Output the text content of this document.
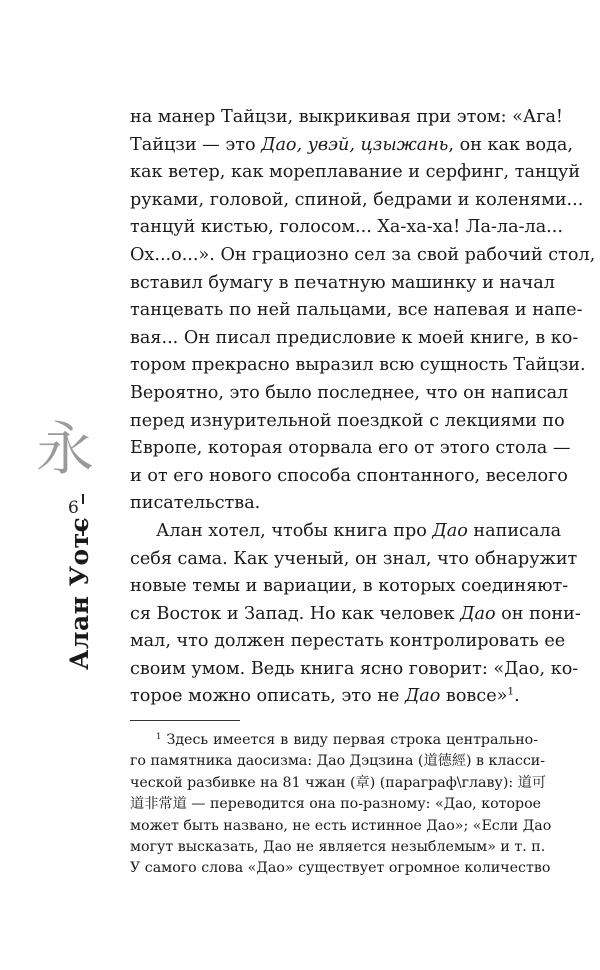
永
6
Алан Уотс

на манер Тайцзи, выкрикивая при этом: «Ага!
Тайцзи — это Дао, увэй, цзыжань, он как вода,
как ветер, как мореплавание и серфинг, танцуй
руками, головой, спиной, бедрами и коленями...
танцуй кистью, голосом... Ха-ха-ха! Ла-ла-ла...
Ох...о...». Он грациозно сел за свой рабочий стол,
вставил бумагу в печатную машинку и начал
танцевать по ней пальцами, все напевая и напе-
вая... Он писал предисловие к моей книге, в ко-
тором прекрасно выразил всю сущность Тайцзи.
Вероятно, это было последнее, что он написал
перед изнурительной поездкой с лекциями по
Европе, которая оторвала его от этого стола —
и от его нового способа спонтанного, веселого
писательства.

Алан хотел, чтобы книга про Дао написала
себя сама. Как ученый, он знал, что обнаружит
новые темы и вариации, в которых соединяют-
ся Восток и Запад. Но как человек Дао он пони-
мал, что должен перестать контролировать ее
своим умом. Ведь книга ясно говорит: «Дао, ко-
торое можно описать, это не Дао вовсе»$^1$.

$^1$ Здесь имеется в виду первая строка центрально-
го памятника даосизма: Дао Дэцзина (道德經) в класси-
ческой разбивке на 81 чжан (章) (параграф\главу): 道可
道非常道 — переводится она по-разному: «Дао, которое
может быть названо, не есть истинное Дао»; «Если Дао
могут высказать, Дао не является незыблемым» и т. п.
У самого слова «Дао» существует огромное количество
